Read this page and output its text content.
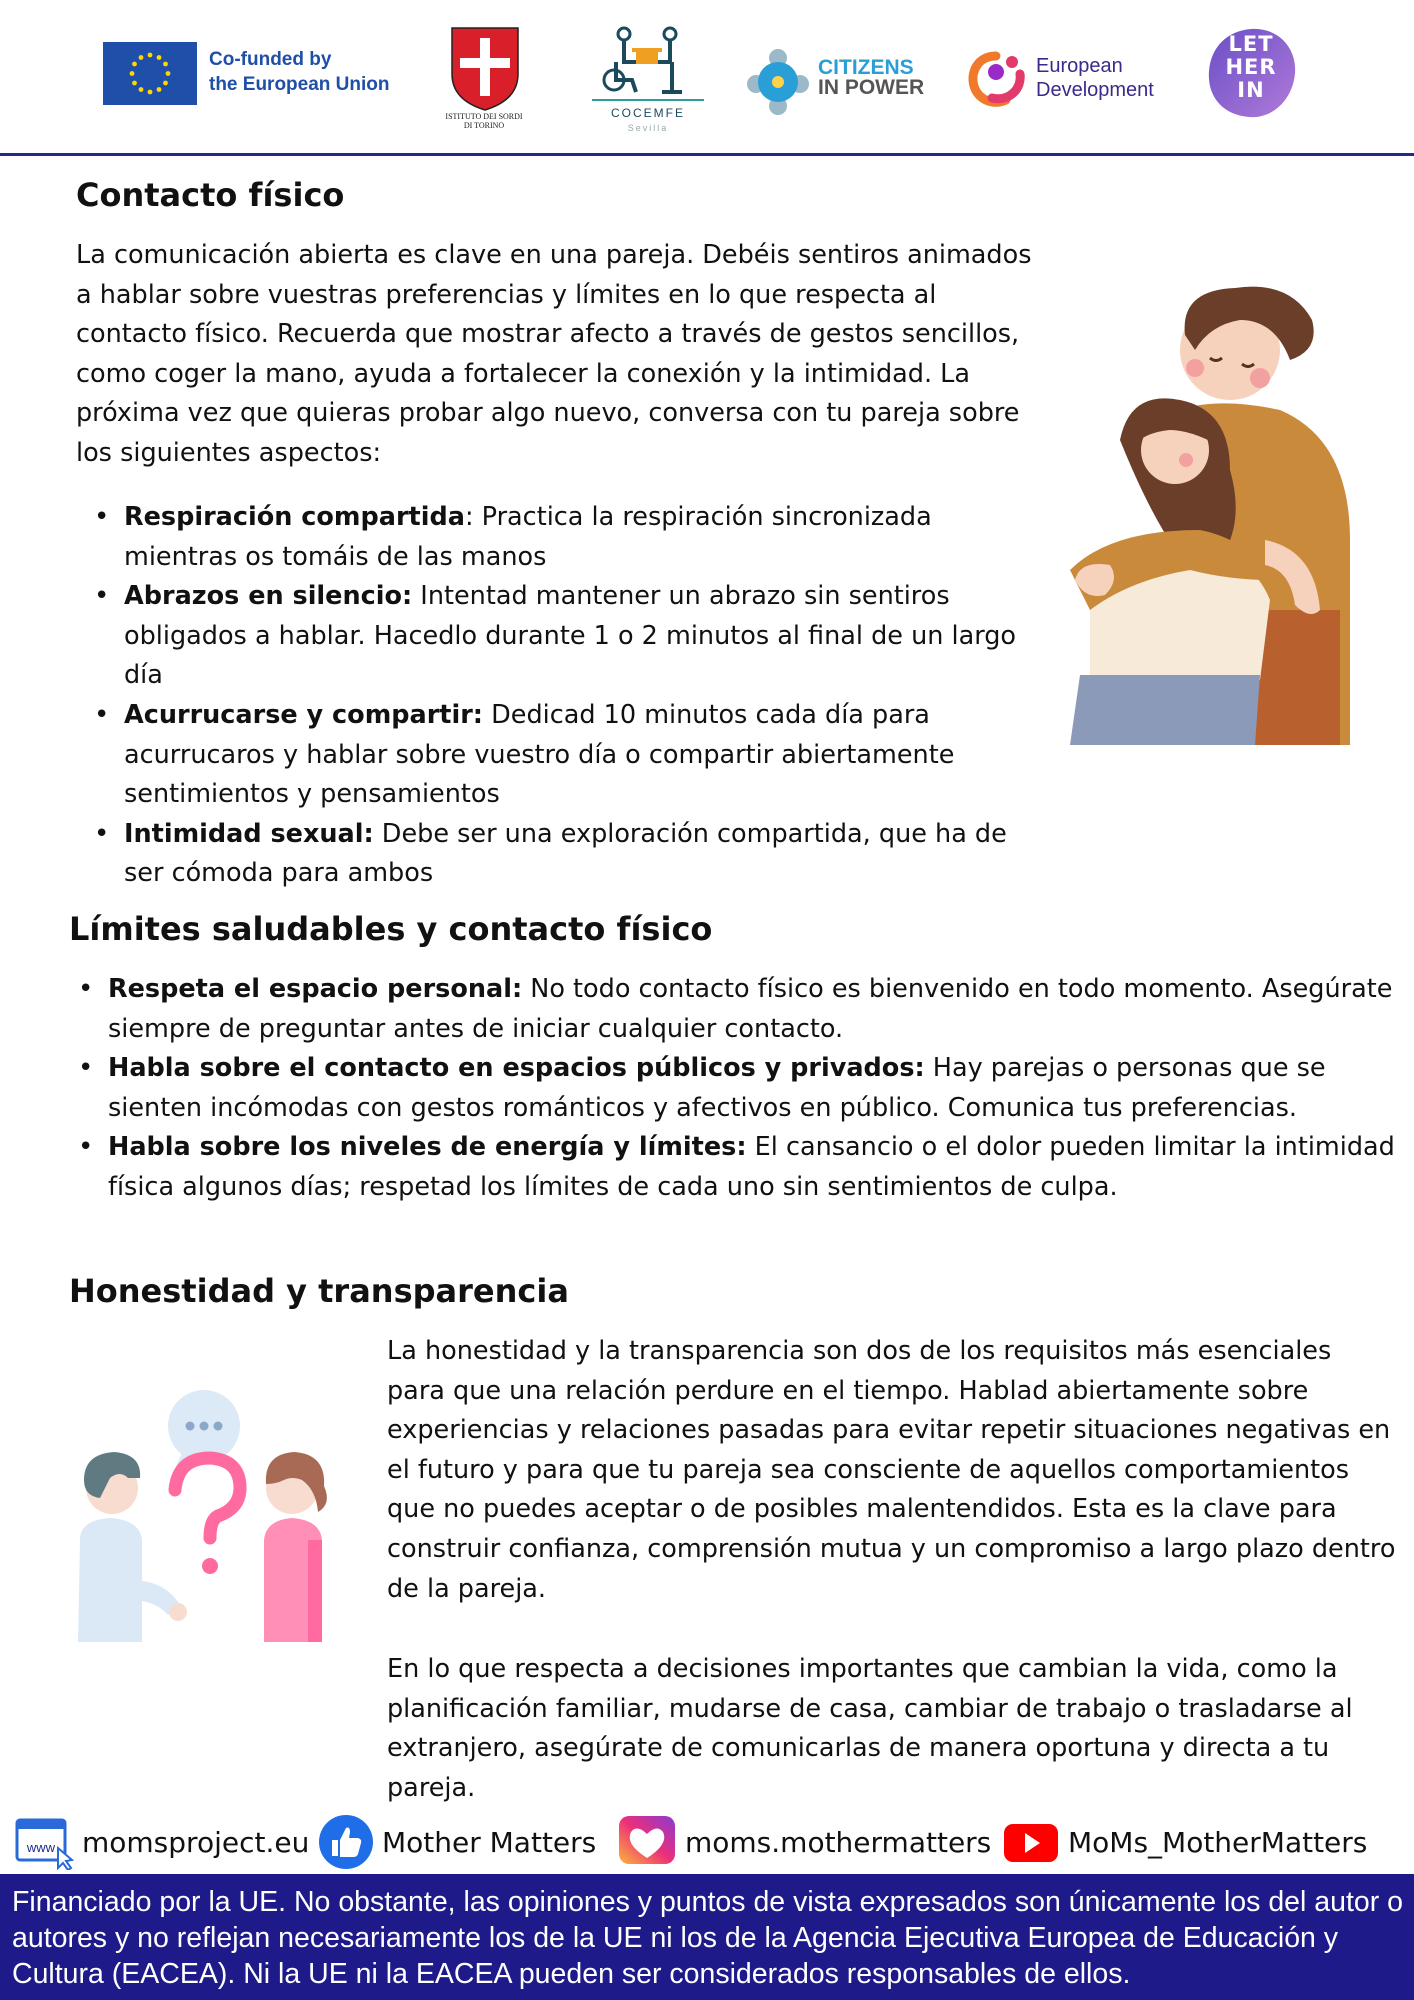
Co-funded by
the European Union
ISTITUTO DEI SORDI
DI TORINO
COCEMFE
Sevilla
CITIZENS
IN POWER
European
Development
LET
HER
IN
Contacto físico

La comunicación abierta es clave en una pareja. Debéis sentiros animados a hablar sobre vuestras preferencias y límites en lo que respecta al contacto físico. Recuerda que mostrar afecto a través de gestos sencillos, como coger la mano, ayuda a fortalecer la conexión y la intimidad. La próxima vez que quieras probar algo nuevo, conversa con tu pareja sobre los siguientes aspectos:

• Respiración compartida: Practica la respiración sincronizada mientras os tomáis de las manos
• Abrazos en silencio: Intentad mantener un abrazo sin sentiros obligados a hablar. Hacedlo durante 1 o 2 minutos al final de un largo día
• Acurrucarse y compartir: Dedicad 10 minutos cada día para acurrucaros y hablar sobre vuestro día o compartir abiertamente sentimientos y pensamientos
• Intimidad sexual: Debe ser una exploración compartida, que ha de ser cómoda para ambos
Límites saludables y contacto físico
• Respeta el espacio personal: No todo contacto físico es bienvenido en todo momento. Asegúrate siempre de preguntar antes de iniciar cualquier contacto.
• Habla sobre el contacto en espacios públicos y privados: Hay parejas o personas que se sienten incómodas con gestos románticos y afectivos en público. Comunica tus preferencias.
• Habla sobre los niveles de energía y límites: El cansancio o el dolor pueden limitar la intimidad física algunos días; respetad los límites de cada uno sin sentimientos de culpa.
Honestidad y transparencia

La honestidad y la transparencia son dos de los requisitos más esenciales para que una relación perdure en el tiempo. Hablad abiertamente sobre experiencias y relaciones pasadas para evitar repetir situaciones negativas en el futuro y para que tu pareja sea consciente de aquellos comportamientos que no puedes aceptar o de posibles malentendidos. Esta es la clave para construir confianza, comprensión mutua y un compromiso a largo plazo dentro de la pareja.

En lo que respecta a decisiones importantes que cambian la vida, como la planificación familiar, mudarse de casa, cambiar de trabajo o trasladarse al extranjero, asegúrate de comunicarlas de manera oportuna y directa a tu pareja.

www momsproject.eu	Mother Matters	moms.mothermatters	MoMs_MotherMatters

Financiado por la UE. No obstante, las opiniones y puntos de vista expresados son únicamente los del autor o autores y no reflejan necesariamente los de la UE ni los de la Agencia Ejecutiva Europea de Educación y Cultura (EACEA). Ni la UE ni la EACEA pueden ser considerados responsables de ellos.
